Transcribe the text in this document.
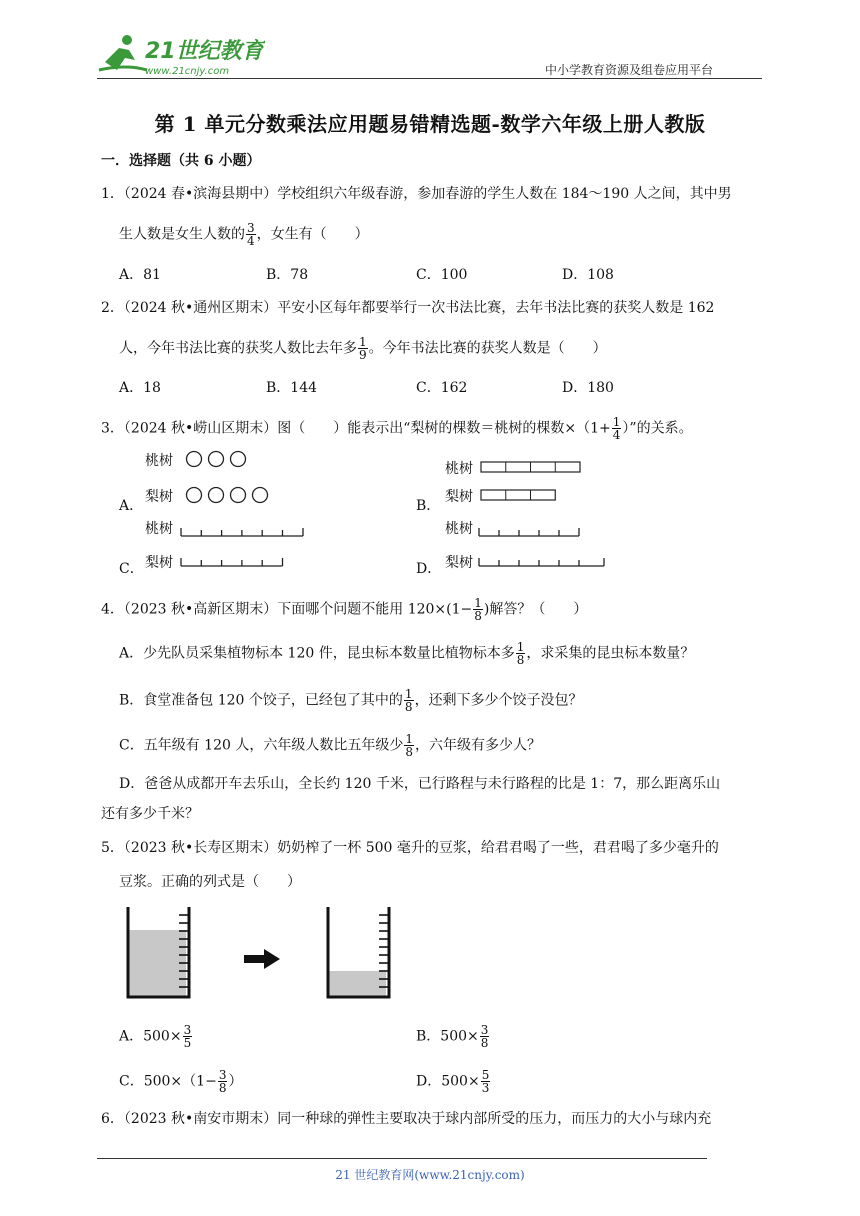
21世纪教育
www.21cnjy.com	中小学教育资源及组卷应用平台
第 1 单元分数乘法应用题易错精选题-数学六年级上册人教版
一．选择题（共 6 小题）
1．（2024 春•滨海县期中）学校组织六年级春游，参加春游的学生人数在 184～190 人之间，其中男
生人数是女生人数的 $\frac{3}{4}$ ，女生有（　　）
A．81	B．78	C．100	D．108
2．（2024 秋•通州区期末）平安小区每年都要举行一次书法比赛，去年书法比赛的获奖人数是 162
人，今年书法比赛的获奖人数比去年多 $\frac{1}{9}$ 。今年书法比赛的获奖人数是（　　）
A．18	B．144	C．162	D．180
3．（2024 秋•崂山区期末）图（　　）能表示出“梨树的棵数＝桃树的棵数$\times(1+ \frac{1}{4}$ ）”的关系。
桃树
梨树
A．
桃树
梨树
B．
桃树
梨树
C．
桃树
梨树
D．
4．（2023 秋•高新区期末）下面哪个问题不能用 $120\times(1- \frac{1}{8}$ )解答？（　　）
A．少先队员采集植物标本 120 件，昆虫标本数量比植物标本多 $\frac{1}{8}$ ，求采集的昆虫标本数量？
B．食堂准备包 120 个饺子，已经包了其中的 $\frac{1}{8}$ ，还剩下多少个饺子没包？
C．五年级有 120 人，六年级人数比五年级少 $\frac{1}{8}$ ，六年级有多少人？
D．爸爸从成都开车去乐山，全长约 120 千米，已行路程与未行路程的比是 1：7，那么距离乐山
还有多少千米？
5．（2023 秋•长寿区期末）奶奶榨了一杯 500 毫升的豆浆，给君君喝了一些，君君喝了多少毫升的
豆浆。正确的列式是（　　）
A．$500\times \frac{3}{5}$	B．$500\times \frac{3}{8}$
C．$500\times(1- \frac{3}{8}$ ）	D．$500\times \frac{5}{3}$
6．（2023 秋•南安市期末）同一种球的弹性主要取决于球内部所受的压力，而压力的大小与球内充
21 世纪教育网(www.21cnjy.com)
